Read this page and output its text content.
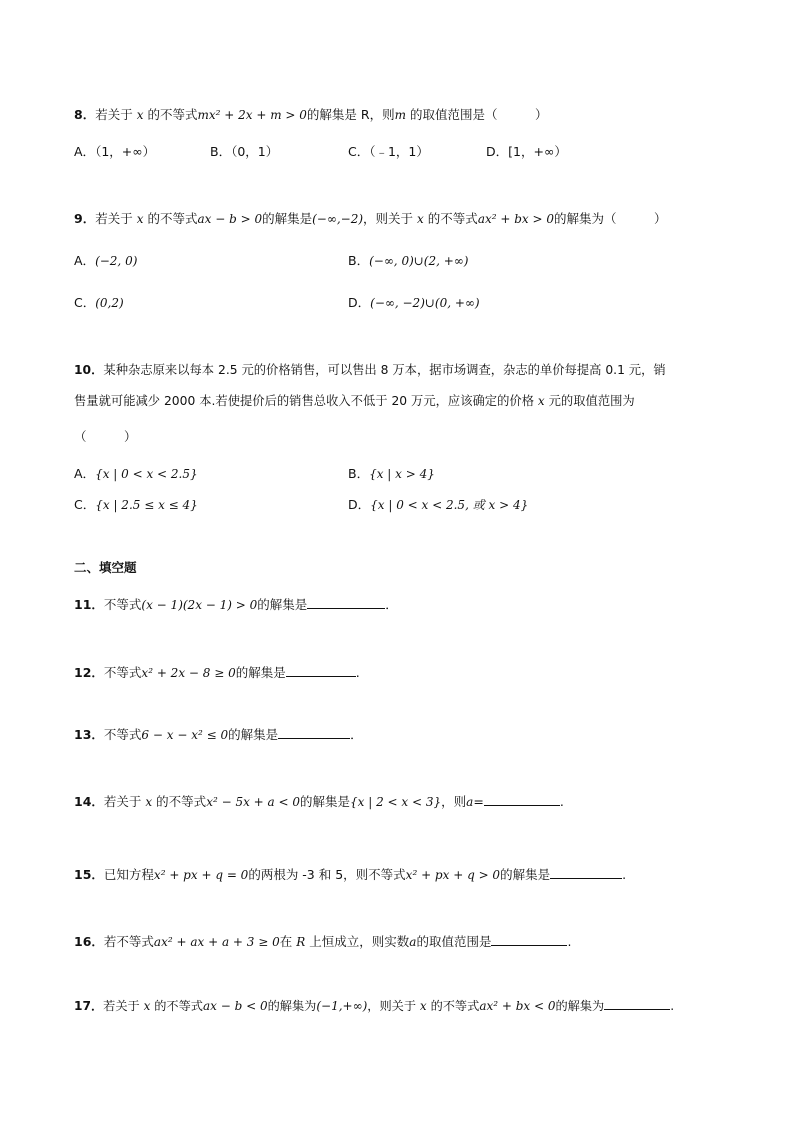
8．若关于 x 的不等式mx² + 2x + m > 0的解集是 R，则m 的取值范围是（　　　）
A．（1，+∞）	B．（0，1）	C．（﹣1，1）	D．[1，+∞）
9．若关于 x 的不等式ax − b > 0的解集是(−∞,−2)，则关于 x 的不等式ax² + bx > 0的解集为（　　　）
A．(−2, 0)	B．(−∞, 0)∪(2, +∞)
C．(0,2)	D．(−∞, −2)∪(0, +∞)
10．某种杂志原来以每本 2.5 元的价格销售，可以售出 8 万本，据市场调查，杂志的单价每提高 0.1 元，销
售量就可能减少 2000 本.若使提价后的销售总收入不低于 20 万元，应该确定的价格 x 元的取值范围为
（　　　）
A．{x | 0 < x < 2.5}	B．{x | x > 4}
C．{x | 2.5 ≤ x ≤ 4}	D．{x | 0 < x < 2.5, 或 x > 4}
二、填空题
11．不等式(x − 1)(2x − 1) > 0的解集是	．
12．不等式x² + 2x − 8 ≥ 0的解集是	.
13．不等式6 − x − x² ≤ 0的解集是	．
14．若关于 x 的不等式x² − 5x + a < 0的解集是{x | 2 < x < 3}，则a=	.
15．已知方程x² + px + q = 0的两根为 -3 和 5，则不等式x² + px + q > 0的解集是	.
16．若不等式ax² + ax + a + 3 ≥ 0在 R 上恒成立，则实数a的取值范围是	.
17．若关于 x 的不等式ax − b < 0的解集为(−1,+∞)，则关于 x 的不等式ax² + bx < 0的解集为	.
